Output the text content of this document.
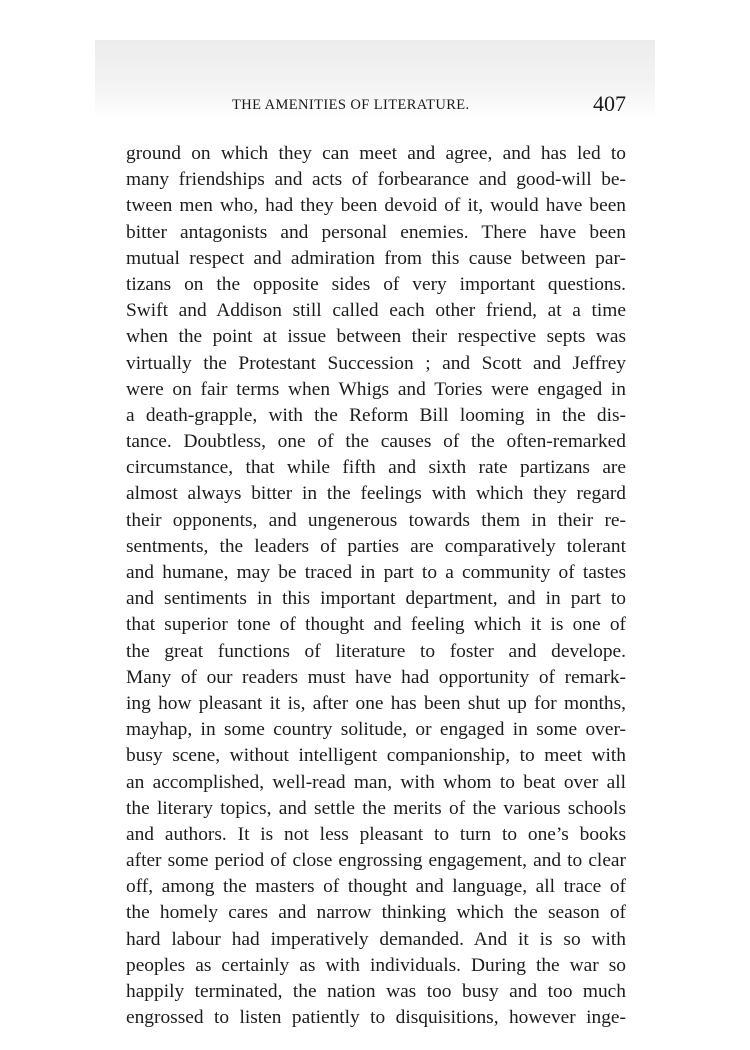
THE AMENITIES OF LITERATURE.	407
ground on which they can meet and agree, and has led to
many friendships and acts of forbearance and good-will be-
tween men who, had they been devoid of it, would have been
bitter antagonists and personal enemies. There have been
mutual respect and admiration from this cause between par-
tizans on the opposite sides of very important questions.
Swift and Addison still called each other friend, at a time
when the point at issue between their respective septs was
virtually the Protestant Succession ; and Scott and Jeffrey
were on fair terms when Whigs and Tories were engaged in
a death-grapple, with the Reform Bill looming in the dis-
tance. Doubtless, one of the causes of the often-remarked
circumstance, that while fifth and sixth rate partizans are
almost always bitter in the feelings with which they regard
their opponents, and ungenerous towards them in their re-
sentments, the leaders of parties are comparatively tolerant
and humane, may be traced in part to a community of tastes
and sentiments in this important department, and in part to
that superior tone of thought and feeling which it is one of
the great functions of literature to foster and develope.
Many of our readers must have had opportunity of remark-
ing how pleasant it is, after one has been shut up for months,
mayhap, in some country solitude, or engaged in some over-
busy scene, without intelligent companionship, to meet with
an accomplished, well-read man, with whom to beat over all
the literary topics, and settle the merits of the various schools
and authors. It is not less pleasant to turn to one’s books
after some period of close engrossing engagement, and to clear
off, among the masters of thought and language, all trace of
the homely cares and narrow thinking which the season of
hard labour had imperatively demanded. And it is so with
peoples as certainly as with individuals. During the war so
happily terminated, the nation was too busy and too much
engrossed to listen patiently to disquisitions, however inge-
